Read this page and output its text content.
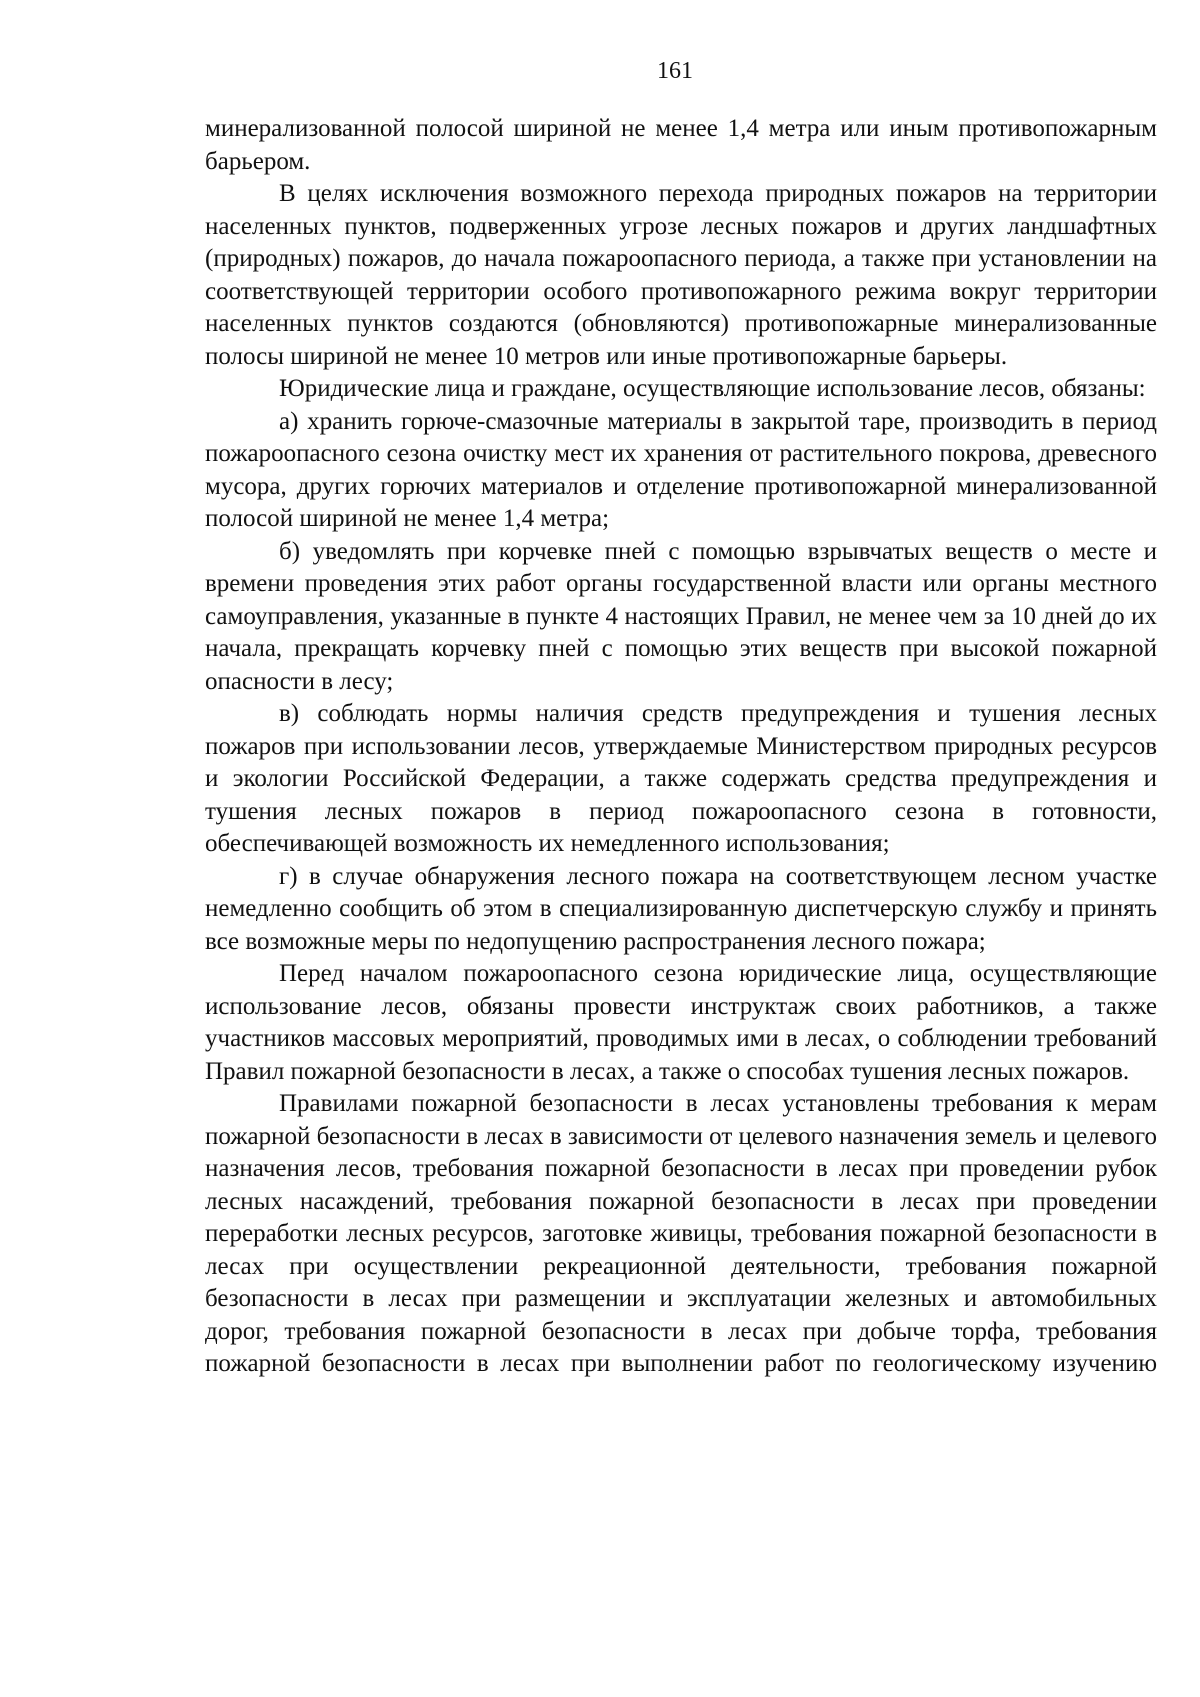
161

минерализованной полосой шириной не менее 1,4 метра или иным противопожарным барьером.

В целях исключения возможного перехода природных пожаров на территории населенных пунктов, подверженных угрозе лесных пожаров и других ландшафтных (природных) пожаров, до начала пожароопасного периода, а также при установлении на соответствующей территории особого противопожарного режима вокруг территории населенных пунктов создаются (обновляются) противопожарные минерализованные полосы шириной не менее 10 метров или иные противопожарные барьеры.

Юридические лица и граждане, осуществляющие использование лесов, обязаны:

а) хранить горюче-смазочные материалы в закрытой таре, производить в период пожароопасного сезона очистку мест их хранения от растительного покрова, древесного мусора, других горючих материалов и отделение противопожарной минерализованной полосой шириной не менее 1,4 метра;

б) уведомлять при корчевке пней с помощью взрывчатых веществ о месте и времени проведения этих работ органы государственной власти или органы местного самоуправления, указанные в пункте 4 настоящих Правил, не менее чем за 10 дней до их начала, прекращать корчевку пней с помощью этих веществ при высокой пожарной опасности в лесу;

в) соблюдать нормы наличия средств предупреждения и тушения лесных пожаров при использовании лесов, утверждаемые Министерством природных ресурсов и экологии Российской Федерации, а также содержать средства предупреждения и тушения лесных пожаров в период пожароопасного сезона в готовности, обеспечивающей возможность их немедленного использования;

г) в случае обнаружения лесного пожара на соответствующем лесном участке немедленно сообщить об этом в специализированную диспетчерскую службу и принять все возможные меры по недопущению распространения лесного пожара;

Перед началом пожароопасного сезона юридические лица, осуществляющие использование лесов, обязаны провести инструктаж своих работников, а также участников массовых мероприятий, проводимых ими в лесах, о соблюдении требований Правил пожарной безопасности в лесах, а также о способах тушения лесных пожаров.

Правилами пожарной безопасности в лесах установлены требования к мерам пожарной безопасности в лесах в зависимости от целевого назначения земель и целевого назначения лесов, требования пожарной безопасности в лесах при проведении рубок лесных насаждений, требования пожарной безопасности в лесах при проведении переработки лесных ресурсов, заготовке живицы, требования пожарной безопасности в лесах при осуществлении рекреационной деятельности, требования пожарной безопасности в лесах при размещении и эксплуатации железных и автомобильных дорог, требования пожарной безопасности в лесах при добыче торфа, требования пожарной безопасности в лесах при выполнении работ по геологическому изучению
